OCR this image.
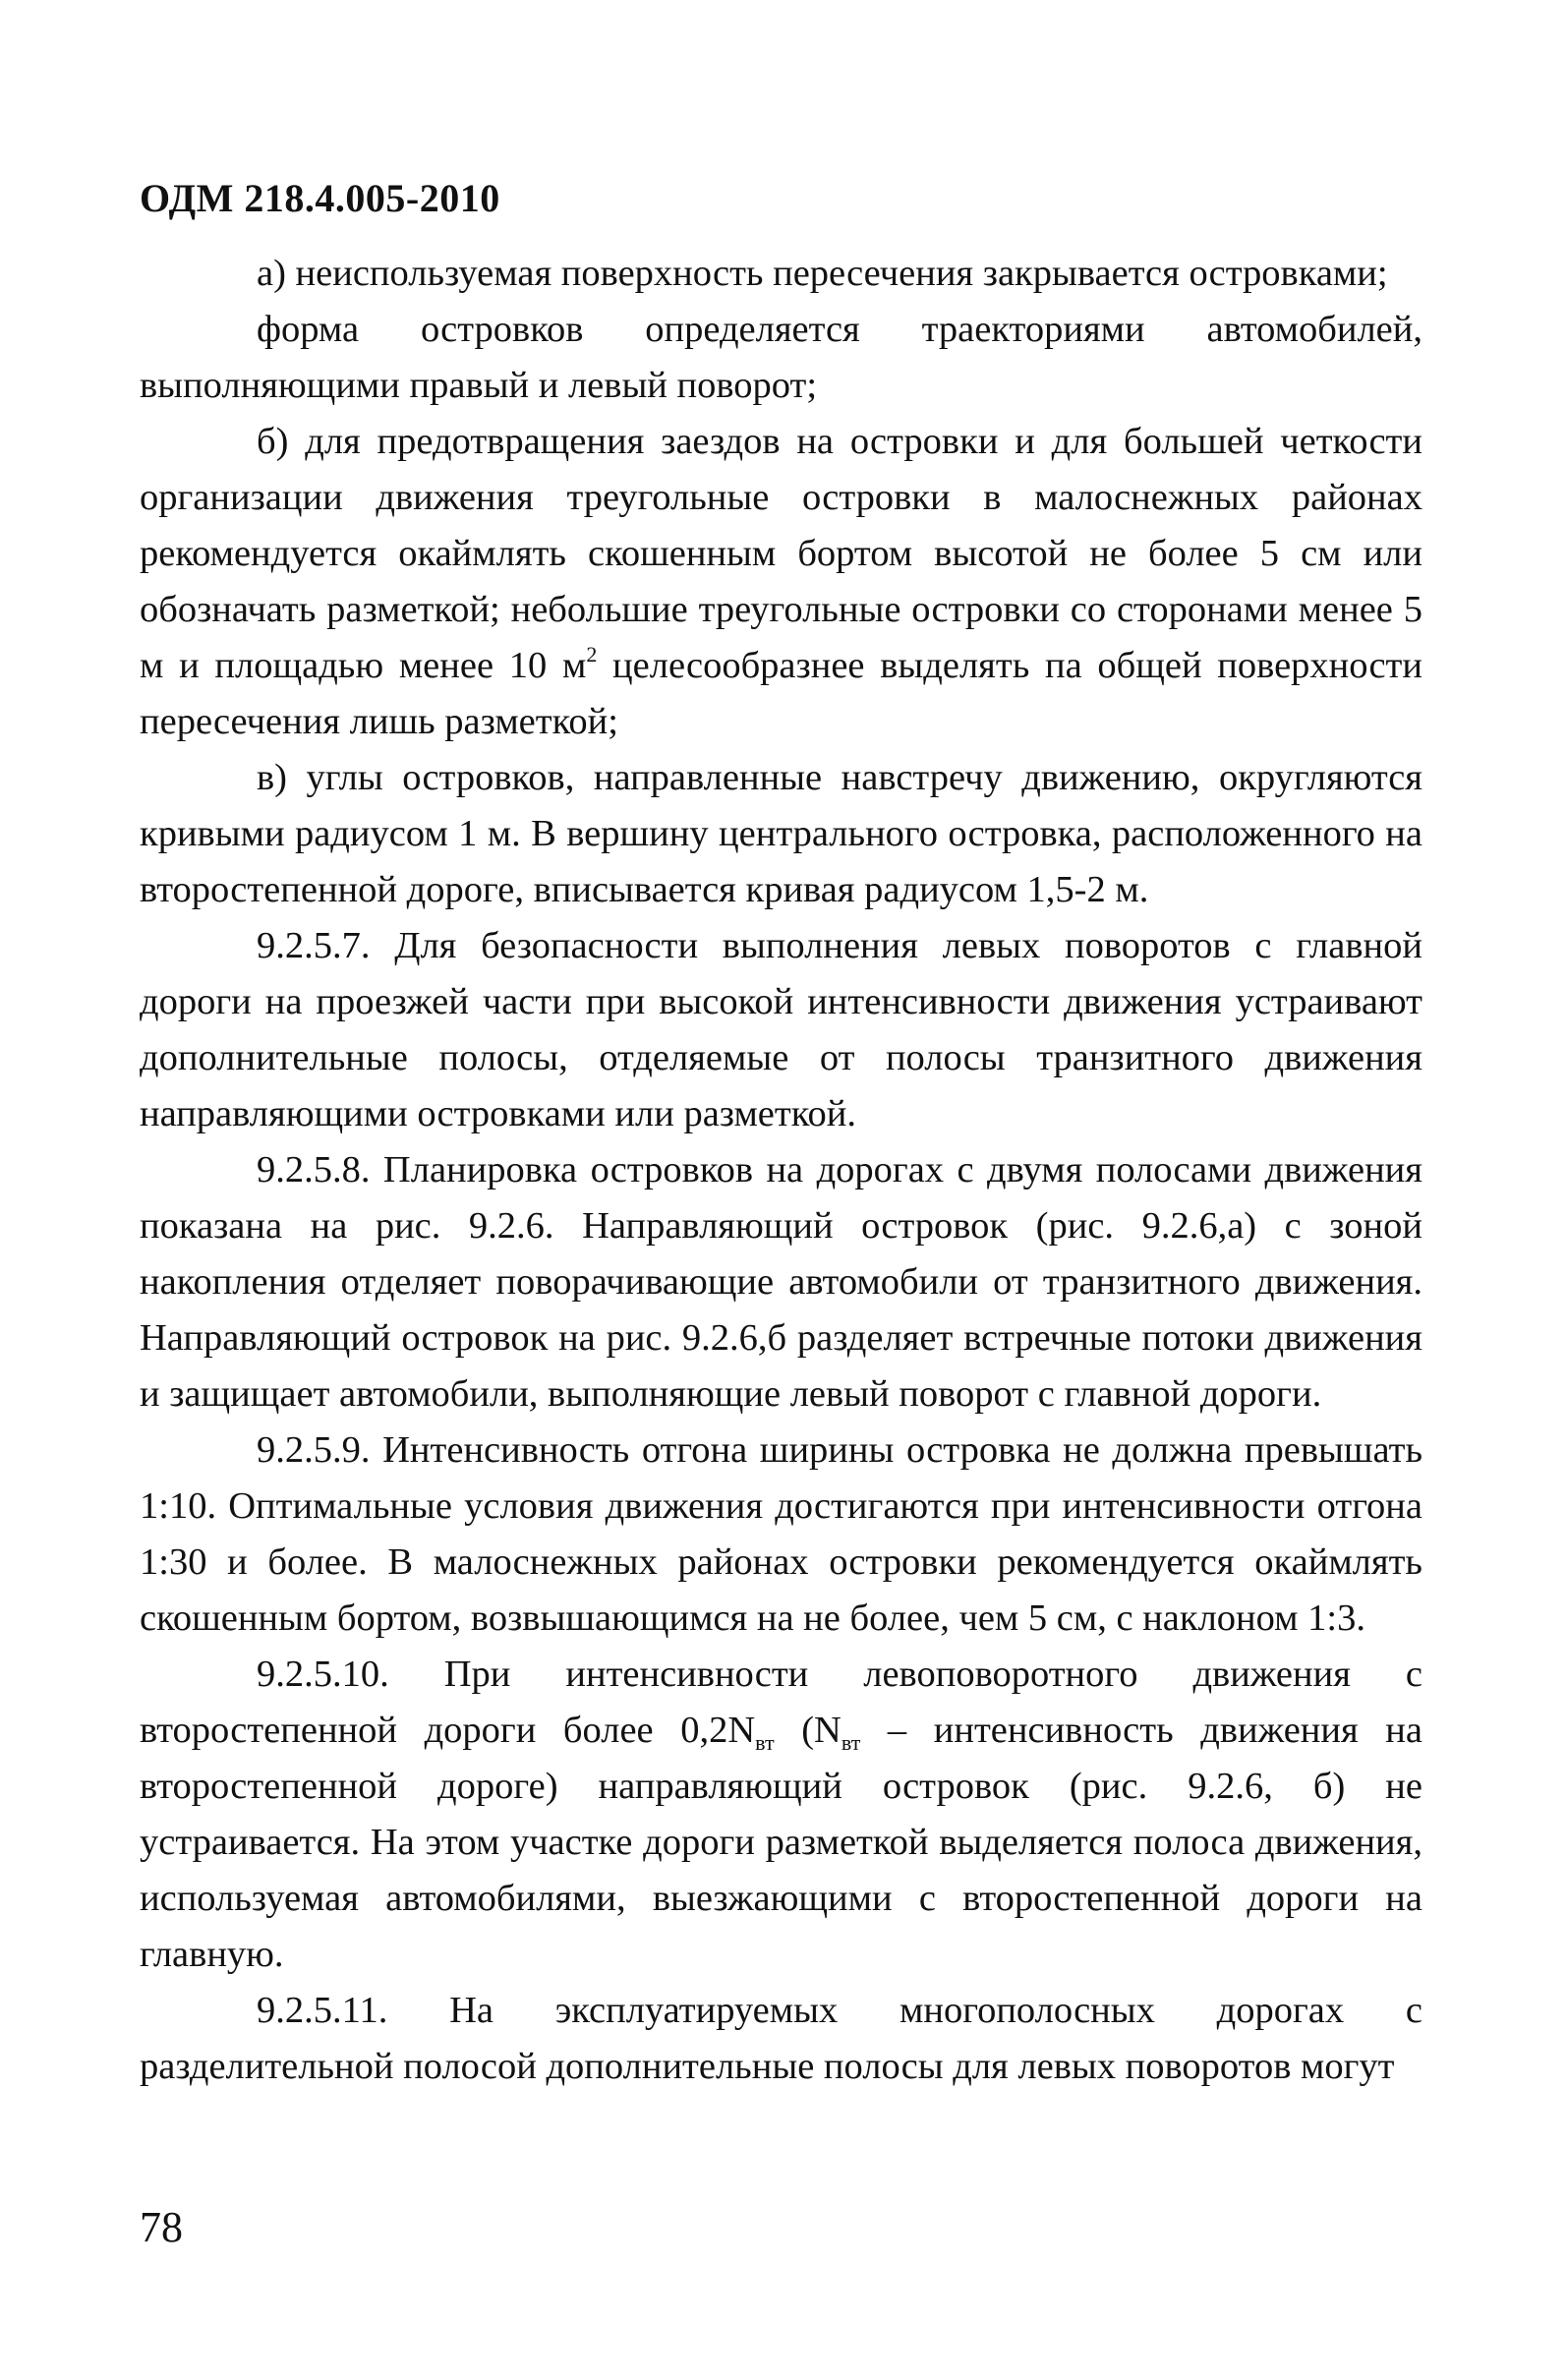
ОДМ 218.4.005-2010

а) неиспользуемая поверхность пересечения закрывается островками;

форма островков определяется траекториями автомобилей, выполняющими правый и левый поворот;

б) для предотвращения заездов на островки и для большей четкости организации движения треугольные островки в малоснежных районах рекомендуется окаймлять скошенным бортом высотой не более 5 см или обозначать разметкой; небольшие треугольные островки со сторонами менее 5 м и площадью менее 10 $м^2$ целесообразнее выделять па общей поверхности пересечения лишь разметкой;

в) углы островков, направленные навстречу движению, округляются кривыми радиусом 1 м. В вершину центрального островка, расположенного на второстепенной дороге, вписывается кривая радиусом 1,5-2 м.

9.2.5.7. Для безопасности выполнения левых поворотов с главной дороги на проезжей части при высокой интенсивности движения устраивают дополнительные полосы, отделяемые от полосы транзитного движения направляющими островками или разметкой.

9.2.5.8. Планировка островков на дорогах с двумя полосами движения показана на рис. 9.2.6. Направляющий островок (рис. 9.2.6,а) с зоной накопления отделяет поворачивающие автомобили от транзитного движения. Направляющий островок на рис. 9.2.6,б разделяет встречные потоки движения и защищает автомобили, выполняющие левый поворот с главной дороги.

9.2.5.9. Интенсивность отгона ширины островка не должна превышать 1:10. Оптимальные условия движения достигаются при интенсивности отгона 1:30 и более. В малоснежных районах островки рекомендуется окаймлять скошенным бортом, возвышающимся на не более, чем 5 см, с наклоном 1:3.

9.2.5.10. При интенсивности левоповоротного движения с второстепенной дороги более $0,2N_{вт}$ ($N_{вт}$ – интенсивность движения на второстепенной дороге) направляющий островок (рис. 9.2.6, б) не устраивается. На этом участке дороги разметкой выделяется полоса движения, используемая автомобилями, выезжающими с второстепенной дороги на главную.

9.2.5.11. На эксплуатируемых многополосных дорогах с разделительной полосой дополнительные полосы для левых поворотов могут

78
